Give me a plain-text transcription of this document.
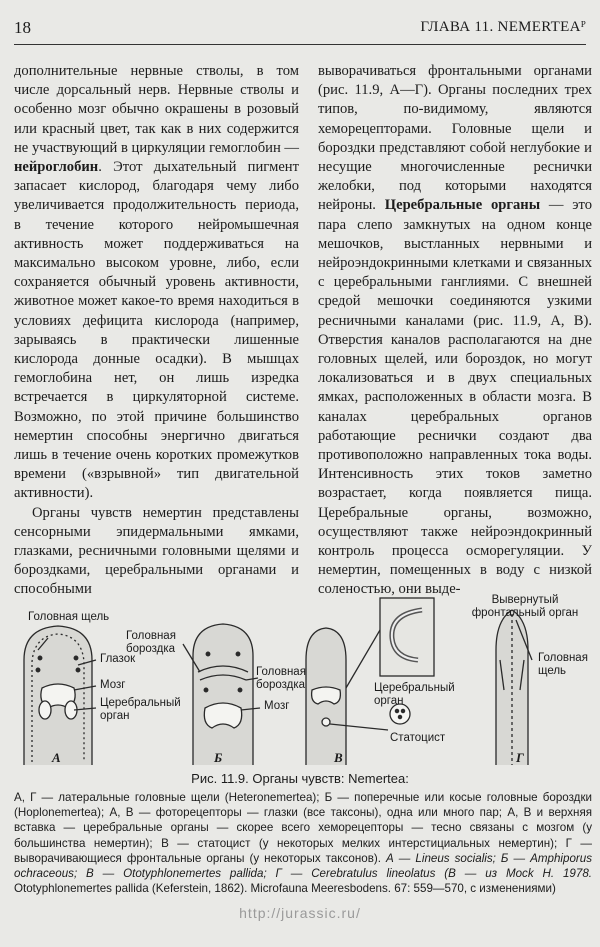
18	ГЛАВА 11. NEMERTEAᴾ

дополнительные нервные стволы, в том числе дорсальный нерв. Нервные стволы и особенно мозг обычно окрашены в розовый или красный цвет, так как в них содержится не участвующий в циркуляции гемоглобин — нейроглобин. Этот дыхательный пигмент запасает кислород, благодаря чему либо увеличивается продолжительность периода, в течение которого нейромышечная активность может поддерживаться на максимально высоком уровне, либо, если сохраняется обычный уровень активности, животное может какое-то время находиться в условиях дефицита кислорода (например, зарываясь в практически лишенные кислорода донные осадки). В мышцах гемоглобина нет, он лишь изредка встречается в циркуляторной системе. Возможно, по этой причине большинство немертин способны энергично двигаться лишь в течение очень коротких промежутков времени («взрывной» тип двигательной активности).

Органы чувств немертин представлены сенсорными эпидермальными ямками, глазками, ресничными головными щелями и бороздками, церебральными органами и способными

выворачиваться фронтальными органами (рис. 11.9, А—Г). Органы последних трех типов, по-видимому, являются хеморецепторами. Головные щели и бороздки представляют собой неглубокие и несущие многочисленные реснички желобки, под которыми находятся нейроны. Церебральные органы — это пара слепо замкнутых на одном конце мешочков, выстланных нервными и нейроэндокринными клетками и связанных с церебральными ганглиями. С внешней средой мешочки соединяются узкими ресничными каналами (рис. 11.9, А, В). Отверстия каналов располагаются на дне головных щелей, или бороздок, но могут локализоваться и в двух специальных ямках, расположенных в области мозга. В каналах церебральных органов работающие реснички создают два противоположно направленных тока воды. Интенсивность этих токов заметно возрастает, когда появляется пища. Церебральные органы, возможно, осуществляют также нейроэндокринный контроль процесса осморегуляции. У немертин, помещенных в воду с низкой соленостью, они выде-

Головная щель
Глазок
Мозг
Церебральный орган
Головная бороздка
Головная бороздка
Мозг
Церебральный орган
Статоцист
Вывернутый фронтальный орган
Головная щель
А	Б	В	Г
Рис. 11.9. Органы чувств: Nemertea:
А, Г — латеральные головные щели (Heteronemertea); Б — поперечные или косые головные бороздки (Hoplonemertea); А, В — фоторецепторы — глазки (все таксоны), одна или много пар; А, В и верхняя вставка — церебральные органы — скорее всего хеморецепторы — тесно связаны с мозгом (у большинства немертин); В — статоцист (у некоторых мелких интерстициальных немертин); Г — выворачивающиеся фронтальные органы (у некоторых таксонов). А — Lineus socialis; Б — Amphiporus ochraceous; В — Ototyphlonemertes pallida; Г — Cerebratulus lineolatus (В — из Mock H. 1978. Ototyphlonemertes pallida (Keferstein, 1862). Microfauna Meeresbodens. 67: 559—570, с изменениями)
http://jurassic.ru/
